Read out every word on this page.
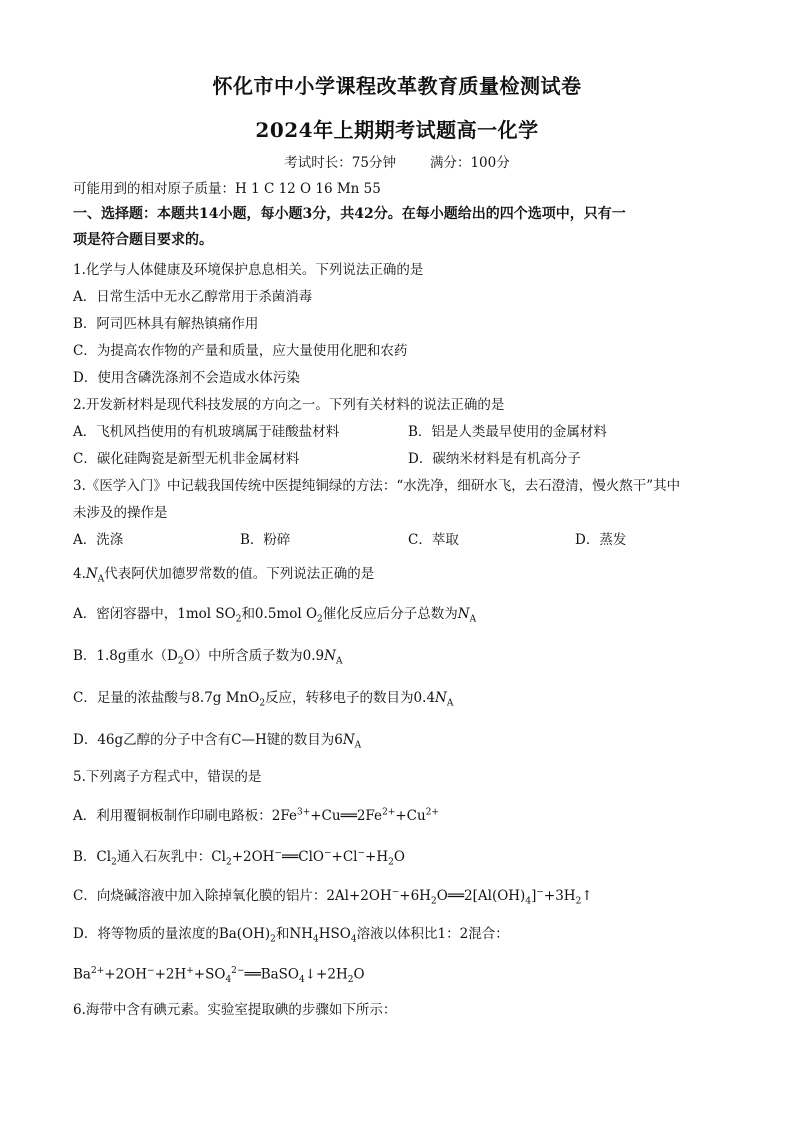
怀化市中小学课程改革教育质量检测试卷
2024年上期期考试题高一化学
考试时长：75分钟	满分：100分
可能用到的相对原子质量：H 1 C 12 O 16 Mn 55
一、选择题：本题共14小题，每小题3分，共42分。在每小题给出的四个选项中，只有一
项是符合题目要求的。
1.化学与人体健康及环境保护息息相关。下列说法正确的是
A．日常生活中无水乙醇常用于杀菌消毒
B．阿司匹林具有解热镇痛作用
C．为提高农作物的产量和质量，应大量使用化肥和农药
D．使用含磷洗涤剂不会造成水体污染
2.开发新材料是现代科技发展的方向之一。下列有关材料的说法正确的是
A．飞机风挡使用的有机玻璃属于硅酸盐材料	B．铝是人类最早使用的金属材料
C．碳化硅陶瓷是新型无机非金属材料	D．碳纳米材料是有机高分子
3.《医学入门》中记载我国传统中医提纯铜绿的方法：“水洗净，细研水飞，去石澄清，慢火熬干”其中
未涉及的操作是
A．洗涤	B．粉碎	C．萃取	D．蒸发
$4.N_A$代表阿伏加德罗常数的值。下列说法正确的是
A．密闭容器中，1mol $SO_2$和0.5mol $O_2$催化反应后分子总数为$N_A$
B．1.8g重水$(D_2O)$中所含质子数为$0.9N_A$
C．足量的浓盐酸与8.7g MnO$_2$反应，转移电子的数目为$0.4N_A$
D．46g乙醇的分子中含有C—H键的数目为$6N_A$
5.下列离子方程式中，错误的是
A．利用覆铜板制作印刷电路板：$2Fe^{3+}+Cu══2Fe^{2+}+Cu^{2+}$
B．$Cl_2$通入石灰乳中：$Cl_2+2OH^-══ClO^-+Cl^-+H_2O$
C．向烧碱溶液中加入除掉氧化膜的铝片：$2Al+2OH^-+6H_2O══2[Al(OH)_4]^-+3H_2↑$
D．将等物质的量浓度的$Ba(OH)_2$和$NH_4HSO_4$溶液以体积比1：2混合：
$Ba^{2+}+2OH^-+2H^++SO_4^{2-}══BaSO_4↓+2H_2O$
6.海带中含有碘元素。实验室提取碘的步骤如下所示：
